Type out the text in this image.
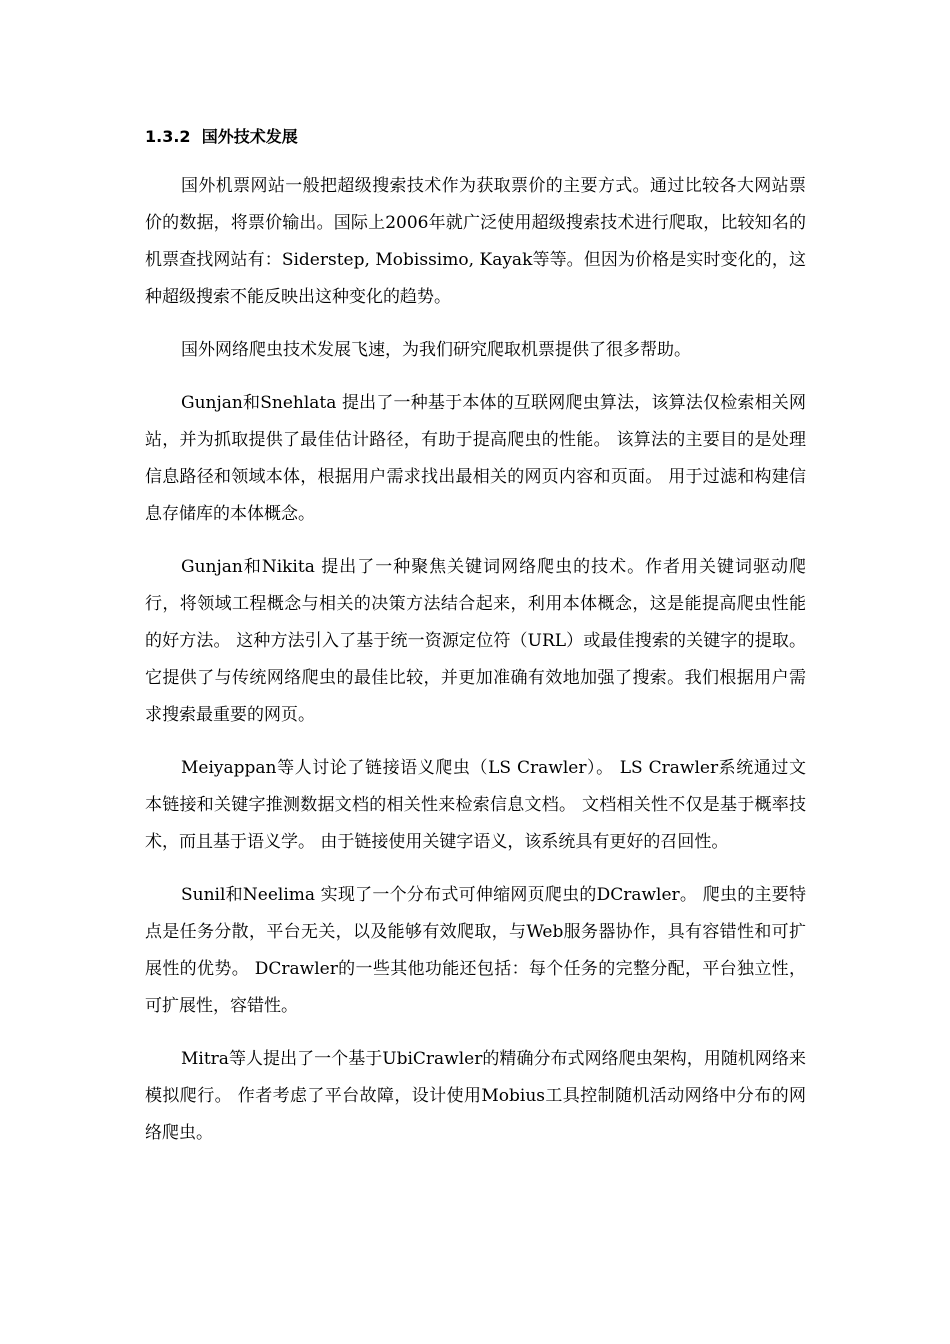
1.3.2  国外技术发展

国外机票网站一般把超级搜索技术作为获取票价的主要方式。通过比较各大网站票价的数据，将票价输出。国际上2006年就广泛使用超级搜索技术进行爬取，比较知名的机票查找网站有：Siderstep, Mobissimo, Kayak等等。但因为价格是实时变化的，这种超级搜索不能反映出这种变化的趋势。

国外网络爬虫技术发展飞速，为我们研究爬取机票提供了很多帮助。

Gunjan和Snehlata 提出了一种基于本体的互联网爬虫算法，该算法仅检索相关网站，并为抓取提供了最佳估计路径，有助于提高爬虫的性能。 该算法的主要目的是处理信息路径和领域本体，根据用户需求找出最相关的网页内容和页面。 用于过滤和构建信息存储库的本体概念。

Gunjan和Nikita 提出了一种聚焦关键词网络爬虫的技术。作者用关键词驱动爬行，将领域工程概念与相关的决策方法结合起来，利用本体概念，这是能提高爬虫性能的好方法。 这种方法引入了基于统一资源定位符（URL）或最佳搜索的关键字的提取。 它提供了与传统网络爬虫的最佳比较，并更加准确有效地加强了搜索。我们根据用户需求搜索最重要的网页。

Meiyappan等人讨论了链接语义爬虫（LS Crawler）。 LS Crawler系统通过文本链接和关键字推测数据文档的相关性来检索信息文档。 文档相关性不仅是基于概率技术，而且基于语义学。 由于链接使用关键字语义，该系统具有更好的召回性。

Sunil和Neelima 实现了一个分布式可伸缩网页爬虫的DCrawler。 爬虫的主要特点是任务分散，平台无关，以及能够有效爬取，与Web服务器协作，具有容错性和可扩展性的优势。 DCrawler的一些其他功能还包括：每个任务的完整分配，平台独立性，可扩展性，容错性。

Mitra等人提出了一个基于UbiCrawler的精确分布式网络爬虫架构，用随机网络来模拟爬行。 作者考虑了平台故障，设计使用Mobius工具控制随机活动网络中分布的网络爬虫。
